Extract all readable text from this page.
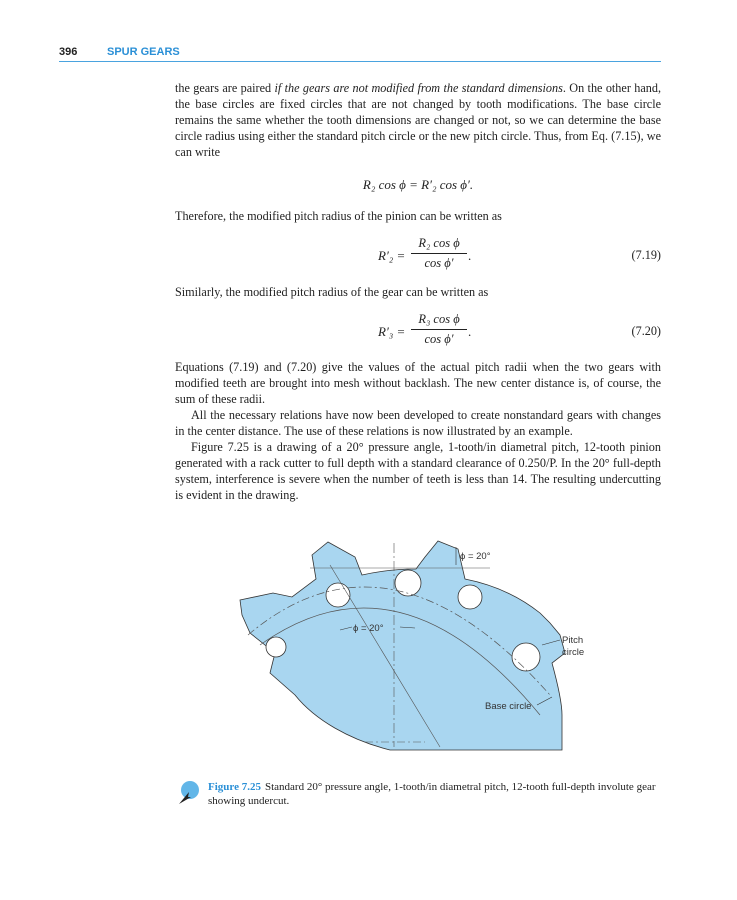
396	SPUR GEARS

the gears are paired if the gears are not modified from the standard dimensions. On the other hand, the base circles are fixed circles that are not changed by tooth modifications. The base circle remains the same whether the tooth dimensions are changed or not, so we can determine the base circle radius using either the standard pitch circle or the new pitch circle. Thus, from Eq. (7.15), we can write

R₂ cos ϕ = R′₂ cos ϕ′.

Therefore, the modified pitch radius of the pinion can be written as

$R'_2 = \frac{\text{R₂ cos ϕ}}{\text{cos ϕ′}}$ .	(7.19)

Similarly, the modified pitch radius of the gear can be written as

$R'_3 = \frac{\text{R₃ cos ϕ}}{\text{cos ϕ′}}$ .	(7.20)

Equations (7.19) and (7.20) give the values of the actual pitch radii when the two gears with modified teeth are brought into mesh without backlash. The new center distance is, of course, the sum of these radii.

All the necessary relations have now been developed to create nonstandard gears with changes in the center distance. The use of these relations is now illustrated by an example.

Figure 7.25 is a drawing of a 20° pressure angle, 1-tooth/in diametral pitch, 12-tooth pinion generated with a rack cutter to full depth with a standard clearance of 0.250/P. In the 20° full-depth system, interference is severe when the number of teeth is less than 14. The resulting undercutting is evident in the drawing.

ϕ = 20°
ϕ = 20°
Pitch
circle
Base circle
Figure 7.25 Standard 20° pressure angle, 1-tooth/in diametral pitch, 12-tooth full-depth involute gear showing undercut.
